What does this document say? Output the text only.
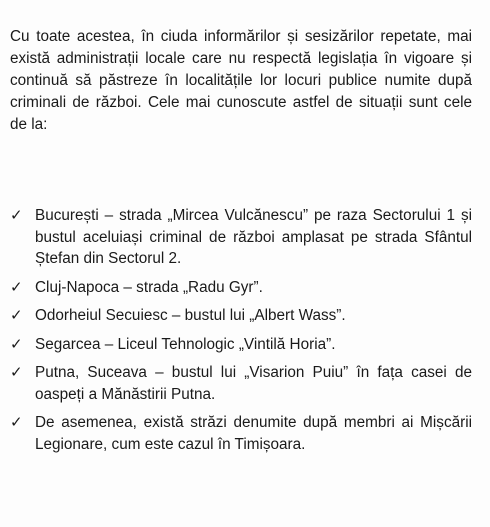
Cu toate acestea, în ciuda informărilor și sesizărilor repetate, mai există administrații locale care nu respectă legislația în vigoare și continuă să păstreze în localitățile lor locuri publice numite după criminali de război. Cele mai cunoscute astfel de situații sunt cele de la:

✓ București – strada „Mircea Vulcănescu” pe raza Sectorului 1 și bustul aceluiași criminal de război amplasat pe strada Sfântul Ștefan din Sectorul 2.
✓ Cluj-Napoca – strada „Radu Gyr”.
✓ Odorheiul Secuiesc – bustul lui „Albert Wass”.
✓ Segarcea – Liceul Tehnologic „Vintilă Horia”.
✓ Putna, Suceava – bustul lui „Visarion Puiu” în fața casei de oaspeți a Mănăstirii Putna.
✓ De asemenea, există străzi denumite după membri ai Mișcării Legionare, cum este cazul în Timișoara.
